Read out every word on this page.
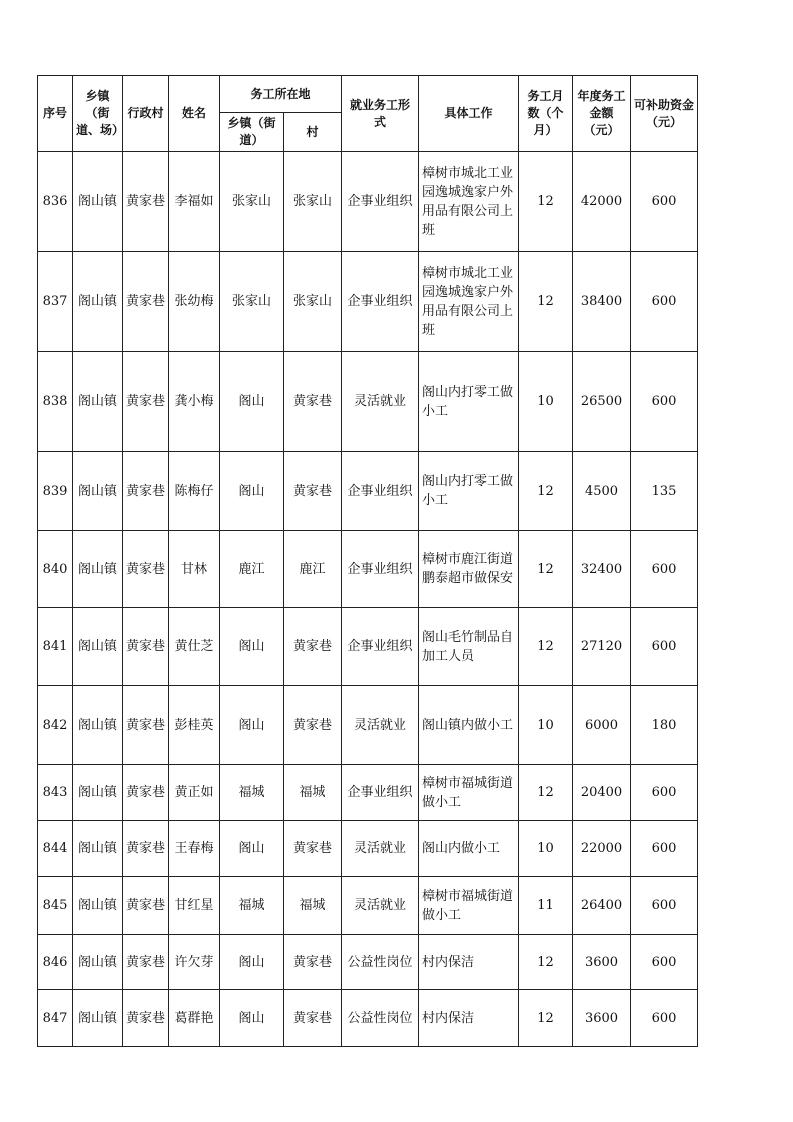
序号	乡镇（街道、场）	行政村	姓名	务工所在地		就业务工形式	具体工作	务工月数（个月）	年度务工金额（元）	可补助资金（元）
				乡镇（街道）	村					
836	阁山镇	黄家巷	李福如	张家山	张家山	企事业组织	樟树市城北工业园逸城逸家户外用品有限公司上班	12	42000	600
837	阁山镇	黄家巷	张幼梅	张家山	张家山	企事业组织	樟树市城北工业园逸城逸家户外用品有限公司上班	12	38400	600
838	阁山镇	黄家巷	龚小梅	阁山	黄家巷	灵活就业	阁山内打零工做小工	10	26500	600
839	阁山镇	黄家巷	陈梅仔	阁山	黄家巷	企事业组织	阁山内打零工做小工	12	4500	135
840	阁山镇	黄家巷	甘林	鹿江	鹿江	企事业组织	樟树市鹿江街道鹏泰超市做保安	12	32400	600
841	阁山镇	黄家巷	黄仕芝	阁山	黄家巷	企事业组织	阁山毛竹制品自加工人员	12	27120	600
842	阁山镇	黄家巷	彭桂英	阁山	黄家巷	灵活就业	阁山镇内做小工	10	6000	180
843	阁山镇	黄家巷	黄正如	福城	福城	企事业组织	樟树市福城街道做小工	12	20400	600
844	阁山镇	黄家巷	王春梅	阁山	黄家巷	灵活就业	阁山内做小工	10	22000	600
845	阁山镇	黄家巷	甘红星	福城	福城	灵活就业	樟树市福城街道做小工	11	26400	600
846	阁山镇	黄家巷	许欠芽	阁山	黄家巷	公益性岗位	村内保洁	12	3600	600
847	阁山镇	黄家巷	葛群艳	阁山	黄家巷	公益性岗位	村内保洁	12	3600	600
